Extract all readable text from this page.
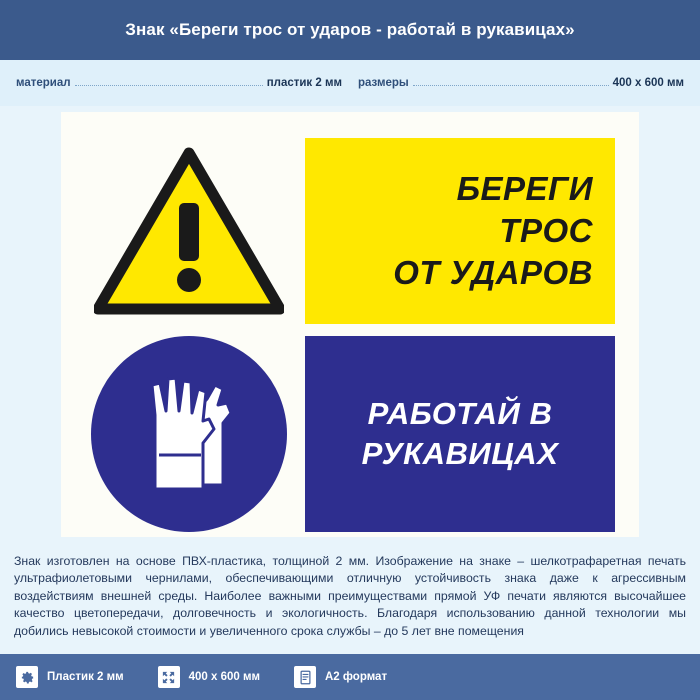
Знак «Береги трос от ударов - работай в рукавицах»
материал	пластик 2 мм размеры	400 x 600 мм
БЕРЕГИ
ТРОС
ОТ УДАРОВ
РАБОТАЙ В
РУКАВИЦАХ
Знак изготовлен на основе ПВХ-пластика, толщиной 2 мм. Изображение на знаке – шелкотрафаретная печать ультрафиолетовыми чернилами, обеспечивающими отличную устойчивость знака даже к агрессивным воздействиям внешней среды. Наиболее важными преимуществами прямой УФ печати являются высочайшее качество цветопередачи, долговечность и экологичность. Благодаря использованию данной технологии мы добились невысокой стоимости и увеличенного срока службы – до 5 лет вне помещения
Пластик 2 мм	400 x 600 мм	А2 формат
